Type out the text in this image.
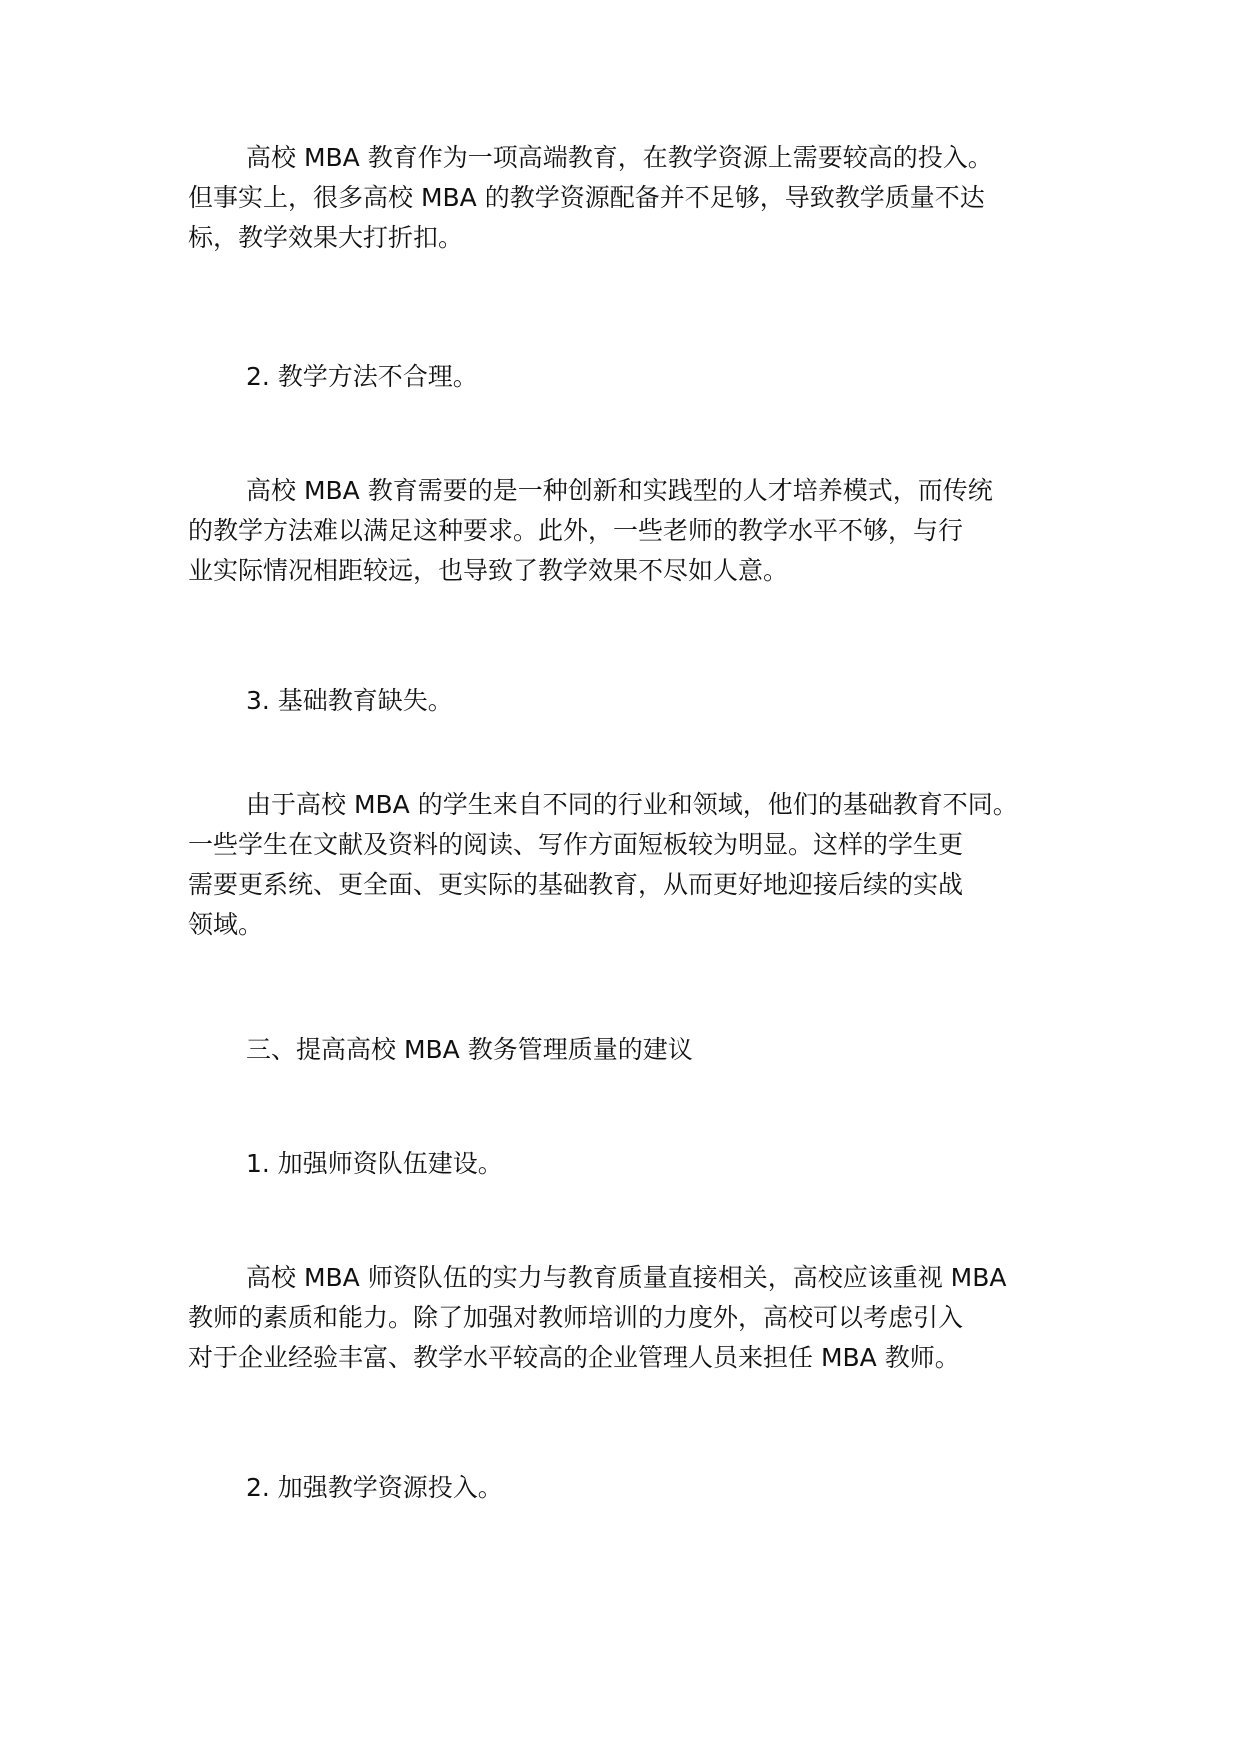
高校 MBA 教育作为一项高端教育，在教学资源上需要较高的投入。

但事实上，很多高校 MBA 的教学资源配备并不足够，导致教学质量不达

标，教学效果大打折扣。

2. 教学方法不合理。

高校 MBA 教育需要的是一种创新和实践型的人才培养模式，而传统

的教学方法难以满足这种要求。此外，一些老师的教学水平不够，与行

业实际情况相距较远，也导致了教学效果不尽如人意。

3. 基础教育缺失。

由于高校 MBA 的学生来自不同的行业和领域，他们的基础教育不同。

一些学生在文献及资料的阅读、写作方面短板较为明显。这样的学生更

需要更系统、更全面、更实际的基础教育，从而更好地迎接后续的实战

领域。

三、提高高校 MBA 教务管理质量的建议

1. 加强师资队伍建设。

高校 MBA 师资队伍的实力与教育质量直接相关，高校应该重视 MBA

教师的素质和能力。除了加强对教师培训的力度外，高校可以考虑引入

对于企业经验丰富、教学水平较高的企业管理人员来担任 MBA 教师。

2. 加强教学资源投入。
